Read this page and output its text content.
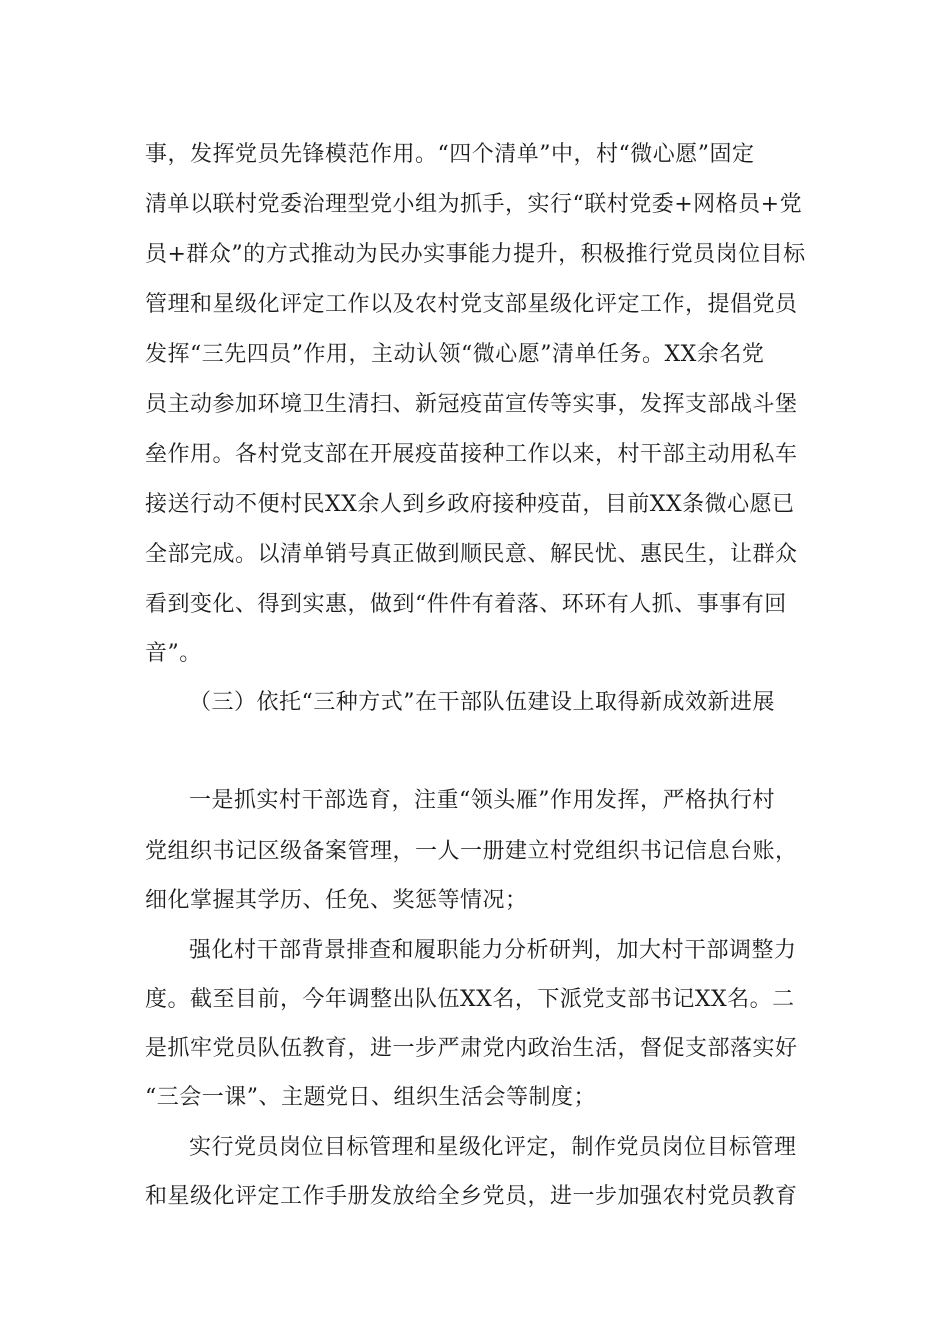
事，发挥党员先锋模范作用。“四个清单”中，村“微心愿”固定
清单以联村党委治理型党小组为抓手，实行“联村党委+网格员+党
员+群众”的方式推动为民办实事能力提升，积极推行党员岗位目标
管理和星级化评定工作以及农村党支部星级化评定工作，提倡党员
发挥“三先四员”作用，主动认领“微心愿”清单任务。XX余名党
员主动参加环境卫生清扫、新冠疫苗宣传等实事，发挥支部战斗堡
垒作用。各村党支部在开展疫苗接种工作以来，村干部主动用私车
接送行动不便村民XX余人到乡政府接种疫苗，目前XX条微心愿已
全部完成。以清单销号真正做到顺民意、解民忧、惠民生，让群众
看到变化、得到实惠，做到“件件有着落、环环有人抓、事事有回
音”。
（三）依托“三种方式”在干部队伍建设上取得新成效新进展
一是抓实村干部选育，注重“领头雁”作用发挥，严格执行村
党组织书记区级备案管理，一人一册建立村党组织书记信息台账，
细化掌握其学历、任免、奖惩等情况；
强化村干部背景排查和履职能力分析研判，加大村干部调整力
度。截至目前，今年调整出队伍XX名，下派党支部书记XX名。二
是抓牢党员队伍教育，进一步严肃党内政治生活，督促支部落实好
“三会一课”、主题党日、组织生活会等制度；
实行党员岗位目标管理和星级化评定，制作党员岗位目标管理
和星级化评定工作手册发放给全乡党员，进一步加强农村党员教育
